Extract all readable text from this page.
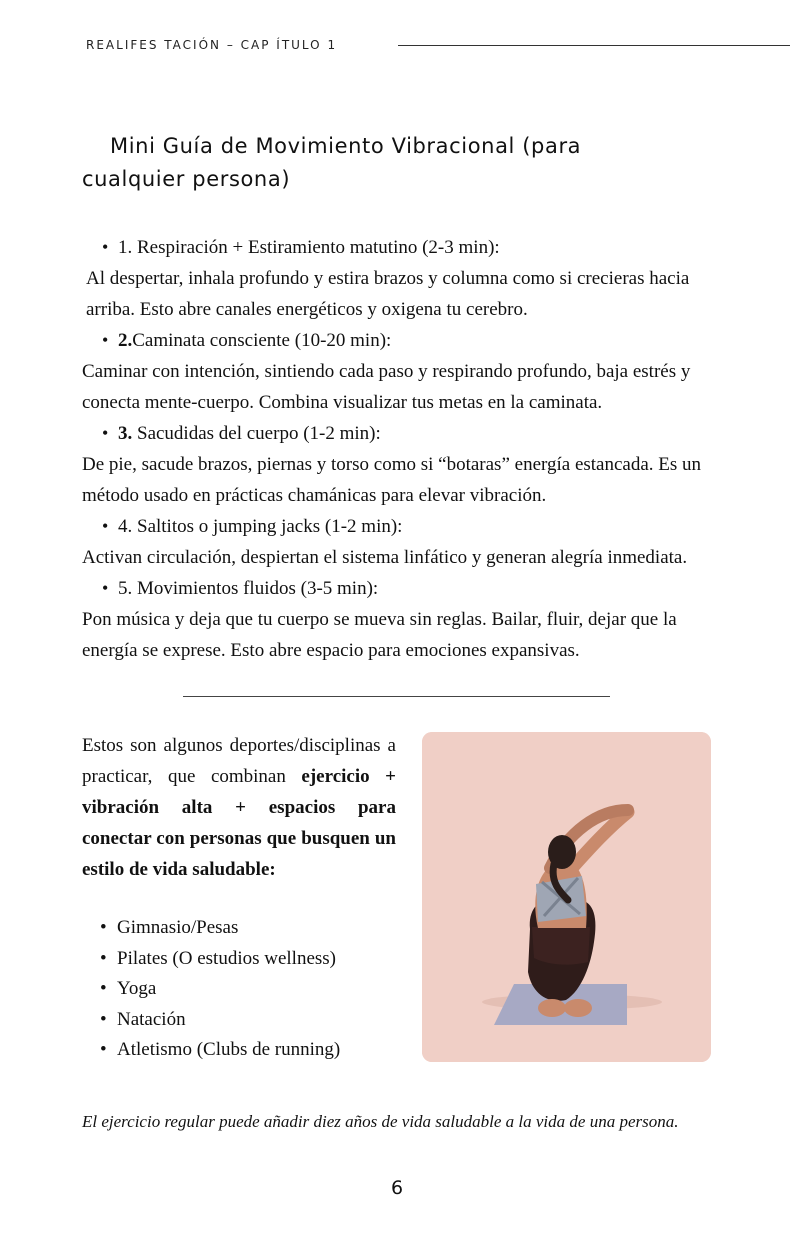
REALIFES TACIÓN – CAP ÍTULO 1
Mini Guía de Movimiento Vibracional (para
cualquier persona)
• 1. Respiración + Estiramiento matutino (2-3 min):
Al despertar, inhala profundo y estira brazos y columna como si crecieras hacia arriba. Esto abre canales energéticos y oxigena tu cerebro.
• 2.Caminata consciente (10-20 min):
Caminar con intención, sintiendo cada paso y respirando profundo, baja estrés y conecta mente-cuerpo. Combina visualizar tus metas en la caminata.
• 3. Sacudidas del cuerpo (1-2 min):
De pie, sacude brazos, piernas y torso como si “botaras” energía estancada. Es un método usado en prácticas chamánicas para elevar vibración.
• 4. Saltitos o jumping jacks (1-2 min):
Activan circulación, despiertan el sistema linfático y generan alegría inmediata.
• 5. Movimientos fluidos (3-5 min):
Pon música y deja que tu cuerpo se mueva sin reglas. Bailar, fluir, dejar que la energía se exprese. Esto abre espacio para emociones expansivas.
Estos son algunos deportes/disciplinas a practicar, que combinan ejercicio + vibración alta + espacios para conectar con personas que busquen un estilo de vida saludable:
• Gimnasio/Pesas
• Pilates (O estudios wellness)
• Yoga
• Natación
• Atletismo (Clubs de running)
El ejercicio regular puede añadir diez años de vida saludable a la vida de una persona.
6
